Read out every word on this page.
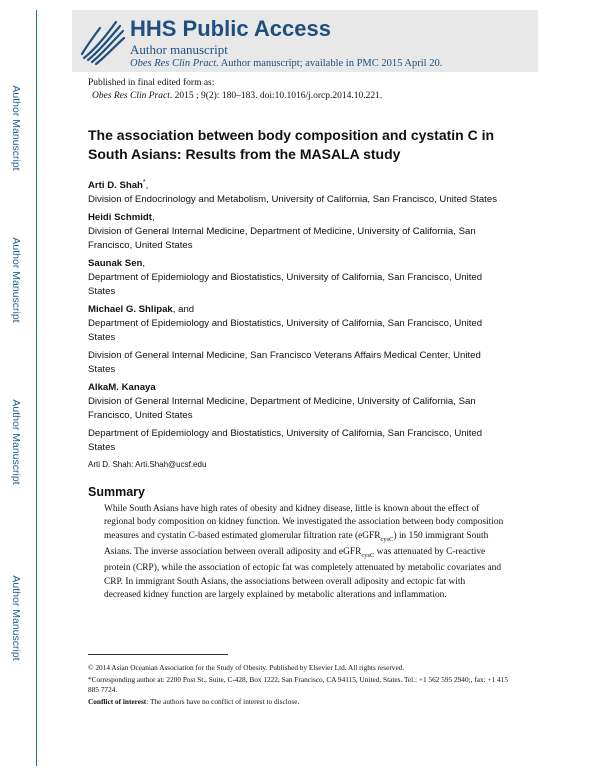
Author Manuscript
Author Manuscript
Author Manuscript
Author Manuscript
HHS Public Access
Author manuscript
Obes Res Clin Pract. Author manuscript; available in PMC 2015 April 20.
Published in final edited form as:
Obes Res Clin Pract. 2015 ; 9(2): 180–183. doi:10.1016/j.orcp.2014.10.221.
The association between body composition and cystatin C in South Asians: Results from the MASALA study
Arti D. Shah*,
Division of Endocrinology and Metabolism, University of California, San Francisco, United States
Heidi Schmidt,
Division of General Internal Medicine, Department of Medicine, University of California, San Francisco, United States
Saunak Sen,
Department of Epidemiology and Biostatistics, University of California, San Francisco, United States
Michael G. Shlipak, and
Department of Epidemiology and Biostatistics, University of California, San Francisco, United States
Division of General Internal Medicine, San Francisco Veterans Affairs Medical Center, United States
AlkaM. Kanaya
Division of General Internal Medicine, Department of Medicine, University of California, San Francisco, United States
Department of Epidemiology and Biostatistics, University of California, San Francisco, United States
Arti D. Shah: Arti.Shah@ucsf.edu
Summary
While South Asians have high rates of obesity and kidney disease, little is known about the effect of regional body composition on kidney function. We investigated the association between body composition measures and cystatin C-based estimated glomerular filtration rate (eGFR$_{cysC}$) in 150 immigrant South Asians. The inverse association between overall adiposity and eGFR$_{cysC}$ was attenuated by C-reactive protein (CRP), while the association of ectopic fat was completely attenuated by metabolic covariates and CRP. In immigrant South Asians, the associations between overall adiposity and ectopic fat with decreased kidney function are largely explained by metabolic alterations and inflammation.
© 2014 Asian Oceanian Association for the Study of Obesity. Published by Elsevier Ltd. All rights reserved.
*Corresponding author at: 2200 Post St., Suite, C-428, Box 1222, San Francisco, CA 94115, United, States. Tel.: +1 562 595 2940;, fax: +1 415 885 7724.
Conflict of interest: The authors have no conflict of interest to disclose.
